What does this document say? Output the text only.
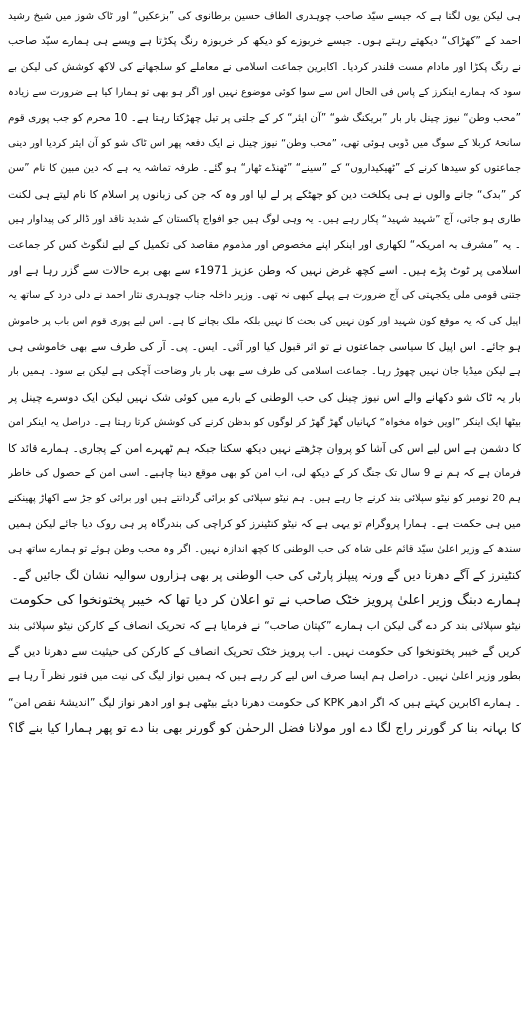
ہی لیکن یوں لگتا ہے کہ جیسے سیّد صاحب چوہدری الطاف حسین برطانوی کی ”بزعکیں“ اور ٹاک شوز میں شیخ رشید
احمد کے ”کھڑاک“ دیکھتے رہتے ہوں۔ جیسے خربوزے کو دیکھ کر خربوزہ رنگ پکڑتا ہے ویسے ہی ہمارے سیّد صاحب
نے رنگ پکڑا اور مادام مست قلندر کردیا۔ اکابرین جماعت اسلامی نے معاملے کو سلجھانے کی لاکھ کوشش کی لیکن بے
سود کہ ہمارے اینکرز کے پاس فی الحال اس سے سوا کوئی موضوع نہیں اور اگر ہو بھی تو ہمارا کیا ہے ضرورت سے زیادہ
”محب وطن“ نیوز چینل بار بار ”بریکنگ شو“ ”آن ایئر“ کر کے جلتی پر تیل چھڑکتا رہتا ہے۔ 10 محرم کو جب پوری قوم
سانحۂ کربلا کے سوگ میں ڈوبی ہوئی تھی، ”محب وطن“ نیوز چینل نے ایک دفعہ پھر اس ٹاک شو کو آن ایئر کردیا اور دینی
جماعتوں کو سیدھا کرنے کے ”ٹھیکیداروں“ کے ”سینے“ ”ٹھنڈے ٹھار“ ہو گئے۔ طرفہ تماشہ یہ ہے کہ دین مبین کا نام ”سن
کر ”بدک“ جانے والوں نے ہی یکلخت دین کو جھٹکے پر لے لیا اور وہ کہ جن کی زبانوں پر اسلام کا نام لیتے ہی لکنت
طاری ہو جاتی، آج ”شہید شہید“ پکار رہے ہیں۔ یہ وہی لوگ ہیں جو افواج پاکستان کے شدید ناقد اور ڈالر کی پیداوار ہیں
۔ یہ ”مشرف بہ امریکہ“ لکھاری اور اینکر اپنے مخصوص اور مذموم مقاصد کی تکمیل کے لیے لنگوٹ کس کر جماعت
اسلامی پر ٹوٹ پڑے ہیں۔ اسے کچھ غرض نہیں کہ وطن عزیز 1971ء سے بھی برے حالات سے گزر رہا ہے اور
جتنی قومی ملی یکجہتی کی آج ضرورت ہے پہلے کبھی نہ تھی۔ وزیر داخلہ جناب چوہدری نثار احمد نے دلی درد کے ساتھ یہ
اپیل کی کہ یہ موقع کون شہید اور کون نہیں کی بحث کا نہیں بلکہ ملک بچانے کا ہے۔ اس لیے پوری قوم اس باب پر خاموش
ہو جائے۔ اس اپیل کا سیاسی جماعتوں نے تو اثر قبول کیا اور آئی۔ ایس۔ پی۔ آر کی طرف سے بھی خاموشی ہی
ہے لیکن میڈیا جان نہیں چھوڑ رہا۔ جماعت اسلامی کی طرف سے بھی بار بار وضاحت آچکی ہے لیکن بے سود۔ ہمیں بار
بار یہ ٹاک شو دکھانے والے اس نیوز چینل کی حب الوطنی کے بارے میں کوئی شک نہیں لیکن ایک دوسرے چینل پر
بیٹھا ایک اینکر ”اویں خواہ مخواہ“ کہانیاں گھڑ گھڑ کر لوگوں کو بدظن کرنے کی کوشش کرتا رہتا ہے۔ دراصل یہ اینکر امن
کا دشمن ہے اس لیے اس کی آشا کو پروان چڑھتے نہیں دیکھ سکتا جبکہ ہم ٹھہرے امن کے پجاری۔ ہمارے قائد کا
فرمان ہے کہ ہم نے 9 سال تک جنگ کر کے دیکھ لی، اب امن کو بھی موقع دینا چاہیے۔ اسی امن کے حصول کی خاطر
ہم 20 نومبر کو نیٹو سپلائی بند کرنے جا رہے ہیں۔ ہم نیٹو سپلائی کو برائی گردانتے ہیں اور برائی کو جڑ سے اکھاڑ پھینکنے
میں ہی حکمت ہے۔ ہمارا پروگرام تو یہی ہے کہ نیٹو کنٹینرز کو کراچی کی بندرگاہ پر ہی روک دیا جائے لیکن ہمیں
سندھ کے وزیر اعلیٰ سیّد قائم علی شاہ کی حب الوطنی کا کچھ اندازہ نہیں۔ اگر وہ محب وطن ہوئے تو ہمارے ساتھ ہی
کنٹینرز کے آگے دھرنا دیں گے ورنہ پیپلز پارٹی کی حب الوطنی پر بھی ہزاروں سوالیہ نشان لگ جائیں گے۔
ہمارے دبنگ وزیر اعلیٰ پرویز خٹک صاحب نے تو اعلان کر دیا تھا کہ خیبر پختونخوا کی حکومت
نیٹو سپلائی بند کر دے گی لیکن اب ہمارے ”کپتان صاحب“ نے فرمایا ہے کہ تحریک انصاف کے کارکن نیٹو سپلائی بند
کریں گے خیبر پختونخوا کی حکومت نہیں۔ اب پرویز خٹک تحریک انصاف کے کارکن کی حیثیت سے دھرنا دیں گے
بطور وزیر اعلیٰ نہیں۔ دراصل ہم ایسا صرف اس لیے کر رہے ہیں کہ ہمیں نواز لیگ کی نیت میں فتور نظر آ رہا ہے
۔ ہمارے اکابرین کہتے ہیں کہ اگر ادھر KPK کی حکومت دھرنا دیئے بیٹھی ہو اور ادھر نواز لیگ ”اندیشۂ نقص امن“
کا بہانہ بنا کر گورنر راج لگا دے اور مولانا فضل الرحمٰن کو گورنر بھی بنا دے تو پھر ہمارا کیا بنے گا؟
